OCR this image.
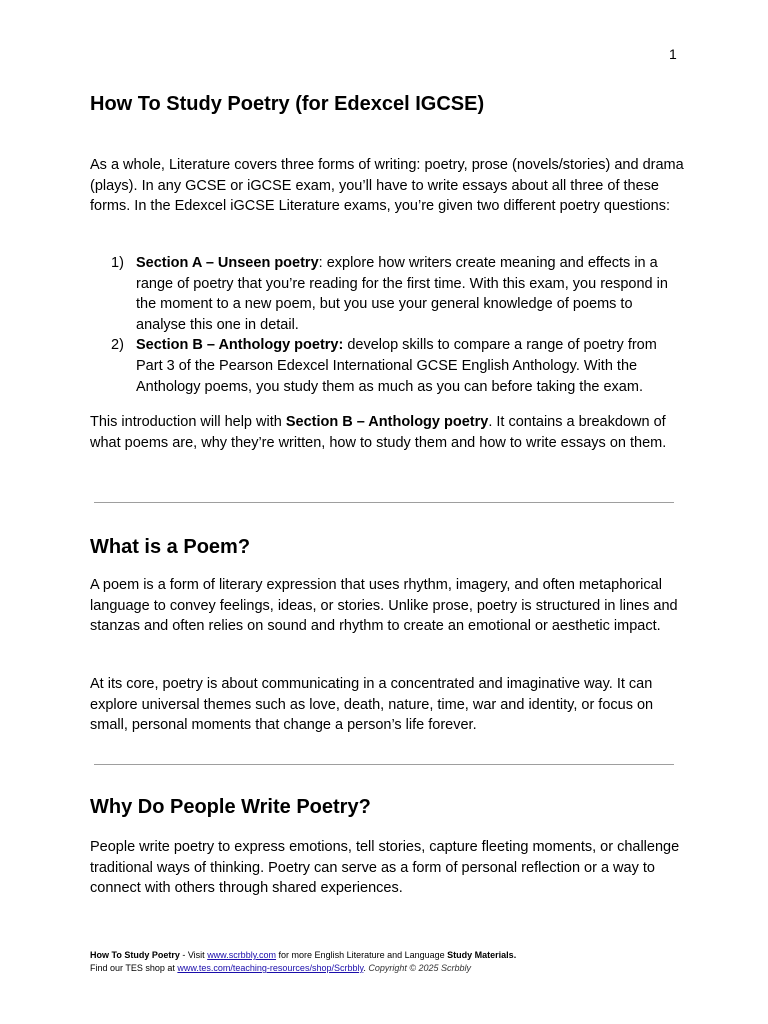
1
How To Study Poetry (for Edexcel IGCSE)

As a whole, Literature covers three forms of writing: poetry, prose (novels/stories) and drama (plays). In any GCSE or iGCSE exam, you’ll have to write essays about all three of these forms. In the Edexcel iGCSE Literature exams, you’re given two different poetry questions:

1) Section A – Unseen poetry: explore how writers create meaning and effects in a range of poetry that you’re reading for the first time. With this exam, you respond in the moment to a new poem, but you use your general knowledge of poems to analyse this one in detail.
2) Section B – Anthology poetry: develop skills to compare a range of poetry from Part 3 of the Pearson Edexcel International GCSE English Anthology. With the Anthology poems, you study them as much as you can before taking the exam.

This introduction will help with Section B – Anthology poetry. It contains a breakdown of what poems are, why they’re written, how to study them and how to write essays on them.

What is a Poem?

A poem is a form of literary expression that uses rhythm, imagery, and often metaphorical language to convey feelings, ideas, or stories. Unlike prose, poetry is structured in lines and stanzas and often relies on sound and rhythm to create an emotional or aesthetic impact.

At its core, poetry is about communicating in a concentrated and imaginative way. It can explore universal themes such as love, death, nature, time, war and identity, or focus on small, personal moments that change a person’s life forever.

Why Do People Write Poetry?

People write poetry to express emotions, tell stories, capture fleeting moments, or challenge traditional ways of thinking. Poetry can serve as a form of personal reflection or a way to connect with others through shared experiences.

How To Study Poetry - Visit www.scrbbly.com for more English Literature and Language Study Materials.
Find our TES shop at www.tes.com/teaching-resources/shop/Scrbbly. Copyright © 2025 Scrbbly
